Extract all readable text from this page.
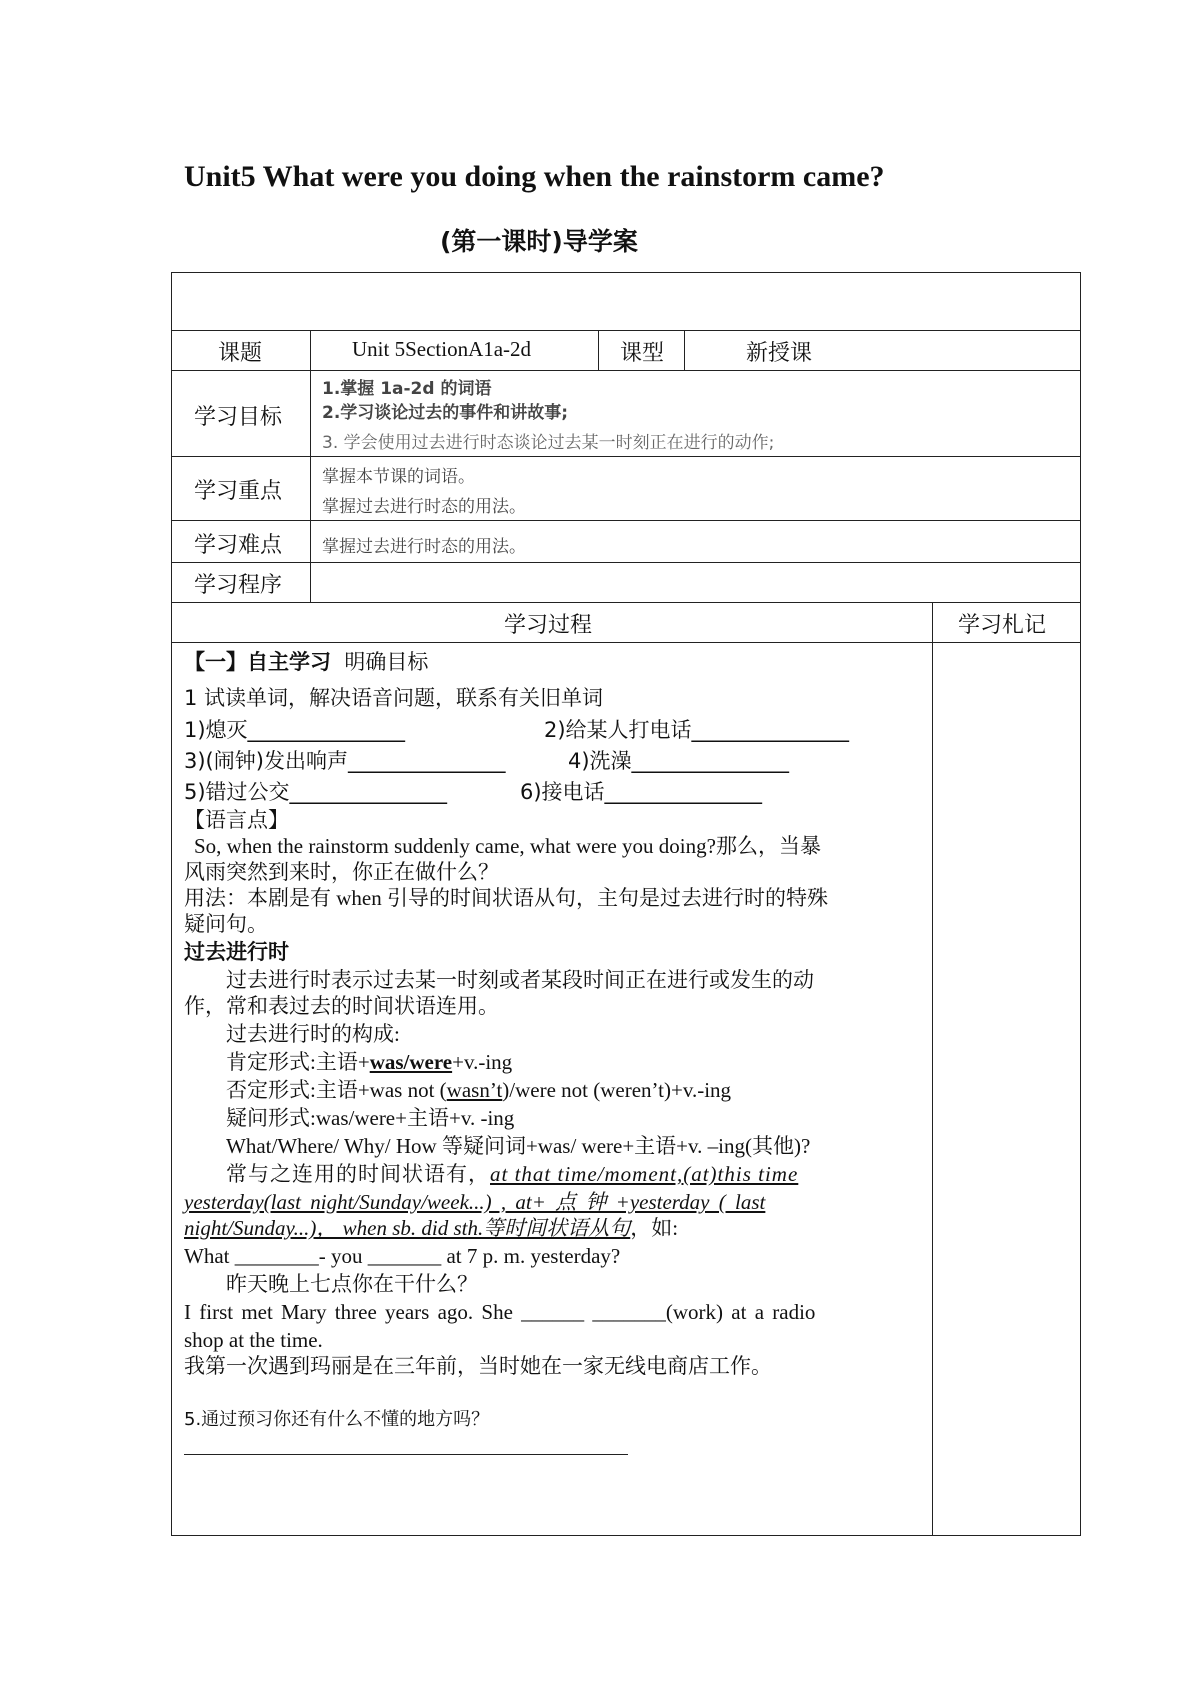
Unit5 What were you doing when the rainstorm came?
(第一课时)导学案
课题	Unit 5SectionA1a-2d	课型	新授课
学习目标
1.掌握 1a-2d 的词语
2.学习谈论过去的事件和讲故事;
3. 学会使用过去进行时态谈论过去某一时刻正在进行的动作;
学习重点
掌握本节课的词语。
掌握过去进行时态的用法。
学习难点 掌握过去进行时态的用法。
学习程序
学习过程	学习札记
【一】自主学习 明确目标
1 试读单词，解决语音问题，联系有关旧单词
1)熄灭_______________	2)给某人打电话_______________
3)(闹钟)发出响声_______________	4)洗澡_______________
5)错过公交_______________	6)接电话_______________
【语言点】
So, when the rainstorm suddenly came, what were you doing?那么，当暴
风雨突然到来时，你正在做什么？
用法：本剧是有 when 引导的时间状语从句，主句是过去进行时的特殊
疑问句。
过去进行时
过去进行时表示过去某一时刻或者某段时间正在进行或发生的动
作，常和表过去的时间状语连用。
过去进行时的构成:
肯定形式:主语+was/were+v.-ing
否定形式:主语+was not (wasn’t)/were not (weren’t)+v.-ing
疑问形式:was/were+主语+v. -ing
What/Where/ Why/ How 等疑问词+was/ were+主语+v. –ing(其他)?
常与之连用的时间状语有，at that time/moment,(at)this time
yesterday(last night/Sunday/week...) , at+ 点 钟 +yesterday ( last
night/Sunday...)， when sb. did sth.等时间状语从句，如:
What ________- you _______ at 7 p. m. yesterday?
昨天晚上七点你在干什么？
I first met Mary three years ago. She ______ _______(work) at a radio
shop at the time.
我第一次遇到玛丽是在三年前，当时她在一家无线电商店工作。
5.通过预习你还有什么不懂的地方吗？
